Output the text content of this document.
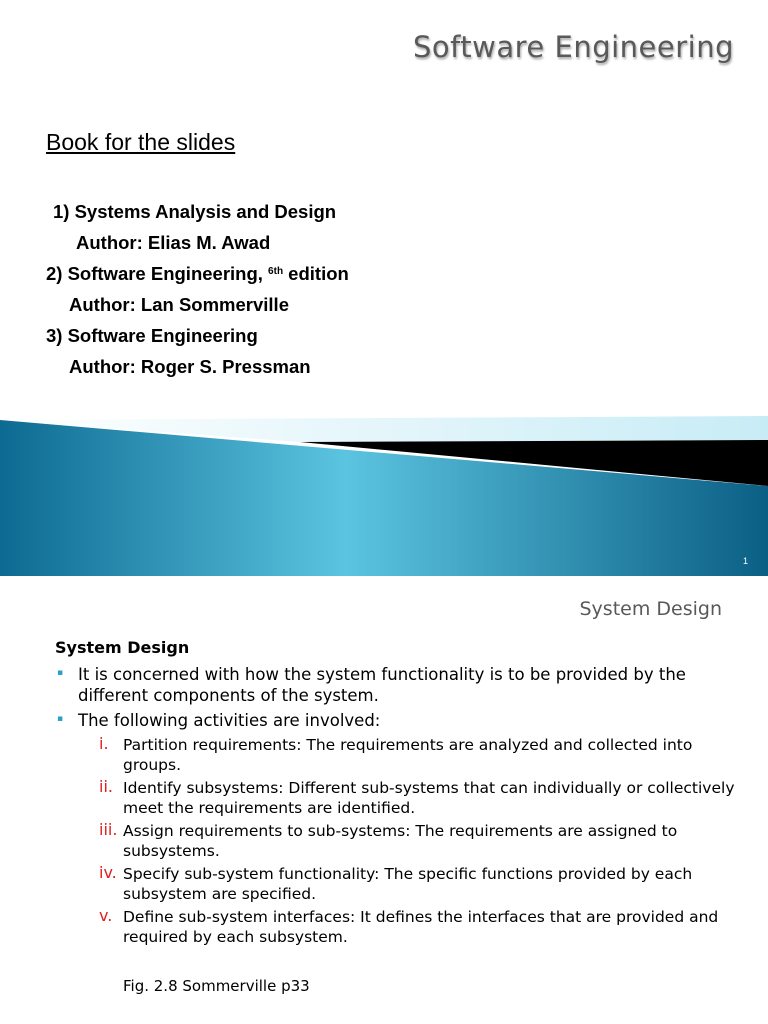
Software Engineering
Book for the slides
1) Systems Analysis and Design
Author: Elias M. Awad
2) Software Engineering, $^{6th}$ edition
Author: Lan Sommerville
3) Software Engineering
Author: Roger S. Pressman
1
System Design
System Design
▪ It is concerned with how the system functionality is to be provided by the different components of the system.
▪ The following activities are involved:
i. Partition requirements: The requirements are analyzed and collected into groups.
ii. Identify subsystems: Different sub-systems that can individually or collectively meet the requirements are identified.
iii. Assign requirements to sub-systems: The requirements are assigned to subsystems.
iv. Specify sub-system functionality: The specific functions provided by each subsystem are specified.
v. Define sub-system interfaces: It defines the interfaces that are provided and required by each subsystem.
Fig. 2.8 Sommerville p33
